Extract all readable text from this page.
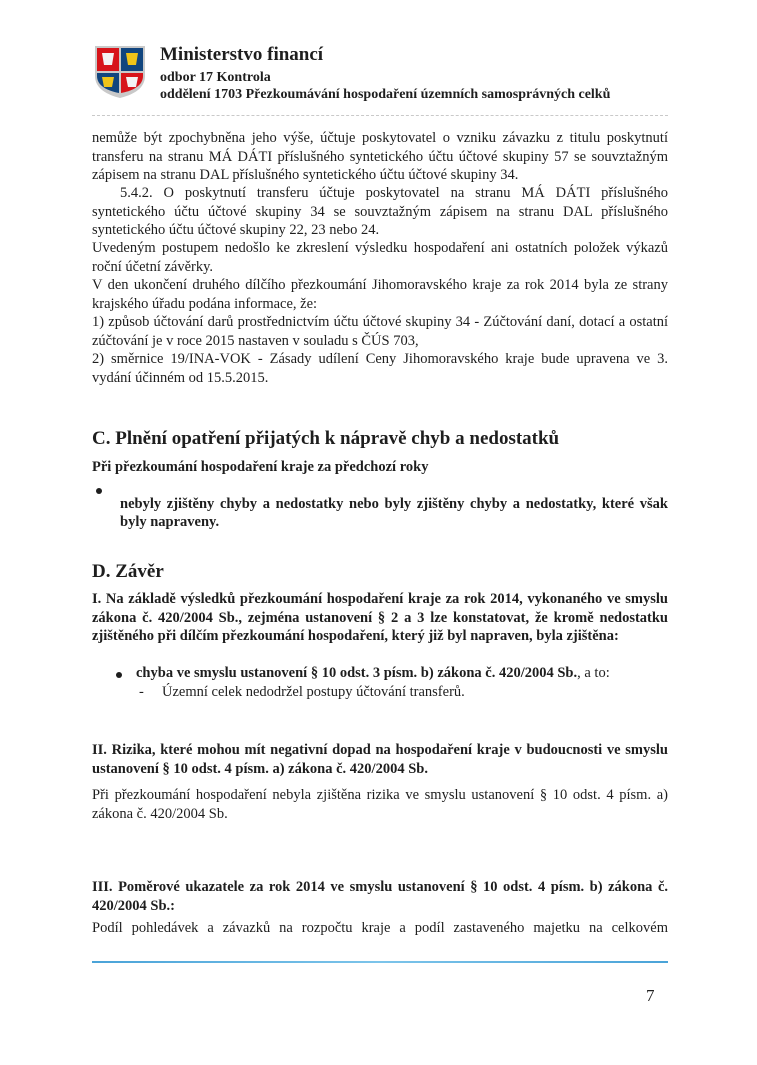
Ministerstvo financí
odbor 17 Kontrola
oddělení 1703 Přezkoumávání hospodaření územních samosprávných celků

nemůže být zpochybněna jeho výše, účtuje poskytovatel o vzniku závazku z titulu poskytnutí transferu na stranu MÁ DÁTI příslušného syntetického účtu účtové skupiny 57 se souvztažným zápisem na stranu DAL příslušného syntetického účtu účtové skupiny 34.

5.4.2. O poskytnutí transferu účtuje poskytovatel na stranu MÁ DÁTI příslušného syntetického účtu účtové skupiny 34 se souvztažným zápisem na stranu DAL příslušného syntetického účtu účtové skupiny 22, 23 nebo 24.

Uvedeným postupem nedošlo ke zkreslení výsledku hospodaření ani ostatních položek výkazů roční účetní závěrky.

V den ukončení druhého dílčího přezkoumání Jihomoravského kraje za rok 2014 byla ze strany krajského úřadu podána informace, že:

1) způsob účtování darů prostřednictvím účtu účtové skupiny 34 - Zúčtování daní, dotací a ostatní zúčtování je v roce 2015 nastaven v souladu s ČÚS 703,

2) směrnice 19/INA-VOK - Zásady udílení Ceny Jihomoravského kraje bude upravena ve 3. vydání účinném od 15.5.2015.

C. Plnění opatření přijatých k nápravě chyb a nedostatků
Při přezkoumání hospodaření kraje za předchozí roky

nebyly zjištěny chyby a nedostatky nebo byly zjištěny chyby a nedostatky, které však byly napraveny.

D. Závěr

I. Na základě výsledků přezkoumání hospodaření kraje za rok 2014, vykonaného ve smyslu zákona č. 420/2004 Sb., zejména ustanovení § 2 a 3 lze konstatovat, že kromě nedostatku zjištěného při dílčím přezkoumání hospodaření, který již byl napraven, byla zjištěna:

chyba ve smyslu ustanovení § 10 odst. 3 písm. b) zákona č. 420/2004 Sb., a to:

- Územní celek nedodržel postupy účtování transferů.

II. Rizika, které mohou mít negativní dopad na hospodaření kraje v budoucnosti ve smyslu ustanovení § 10 odst. 4 písm. a) zákona č. 420/2004 Sb.

Při přezkoumání hospodaření nebyla zjištěna rizika ve smyslu ustanovení § 10 odst. 4 písm. a) zákona č. 420/2004 Sb.

III. Poměrové ukazatele za rok 2014 ve smyslu ustanovení § 10 odst. 4 písm. b) zákona č. 420/2004 Sb.:

Podíl pohledávek a závazků na rozpočtu kraje a podíl zastaveného majetku na celkovém

7
